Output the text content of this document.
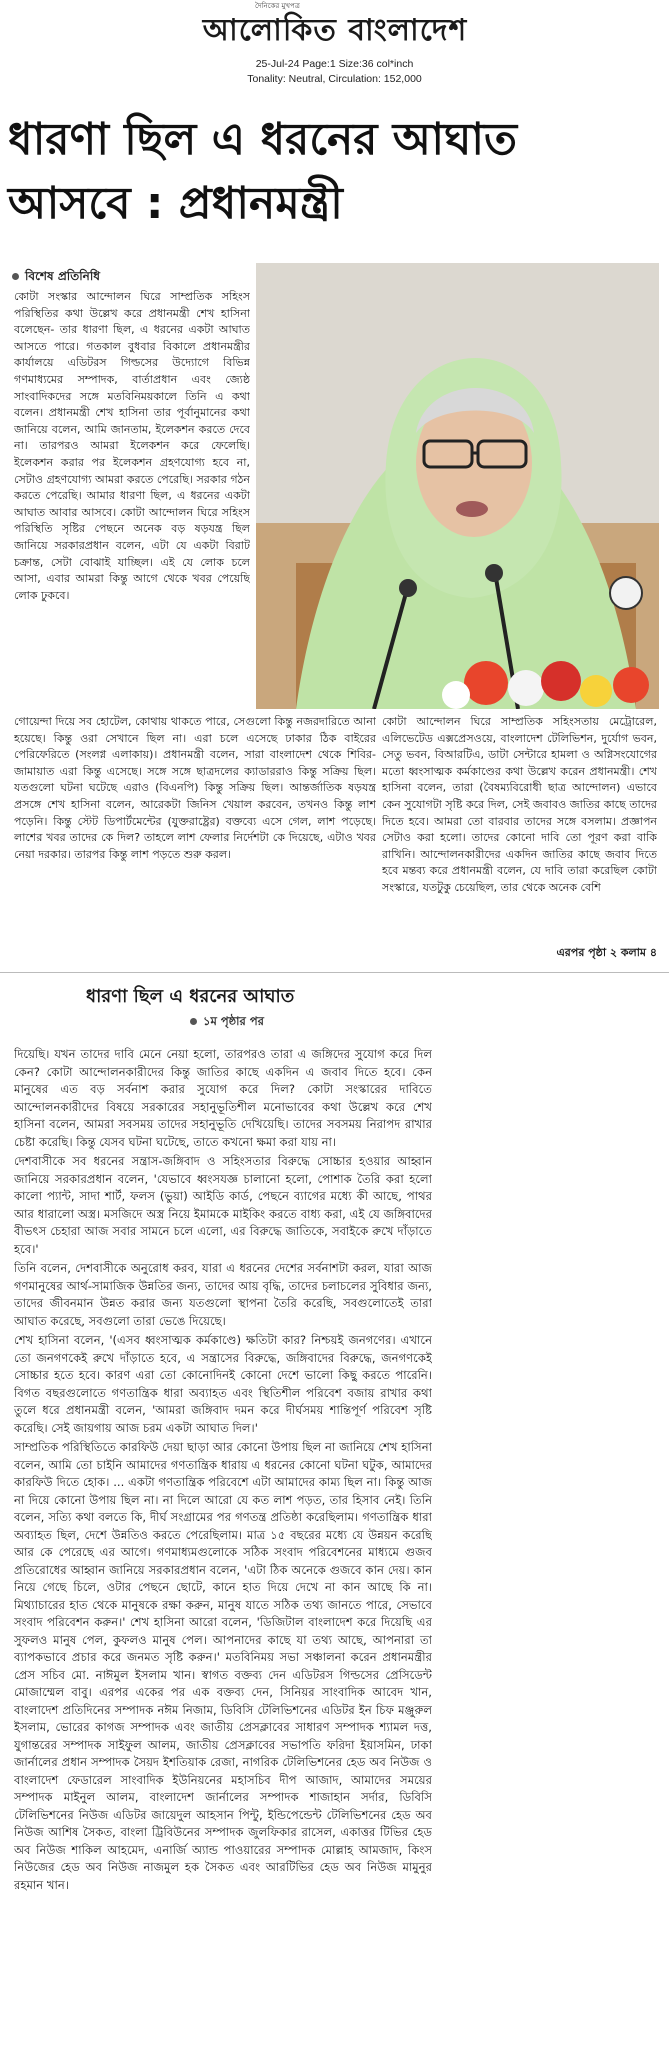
দৈনিকের মুখপত্র
আলোকিত বাংলাদেশ
25-Jul-24 Page:1 Size:36 col*inch
Tonality: Neutral, Circulation: 152,000
ধারণা ছিল এ ধরনের আঘাত
আসবে : প্রধানমন্ত্রী
বিশেষ প্রতিনিধি
কোটা সংস্কার আন্দোলন ঘিরে সাম্প্রতিক সহিংস পরিস্থিতির কথা উল্লেখ করে প্রধানমন্ত্রী শেখ হাসিনা বলেছেন- তার ধারণা ছিল, এ ধরনের একটা আঘাত আসতে পারে। গতকাল বুধবার বিকালে প্রধানমন্ত্রীর কার্যালয়ে এডিটরস গিল্ডসের উদ্যোগে বিভিন্ন গণমাধ্যমের সম্পাদক, বার্তাপ্রধান এবং জ্যেষ্ঠ সাংবাদিকদের সঙ্গে মতবিনিময়কালে তিনি এ কথা বলেন। প্রধানমন্ত্রী শেখ হাসিনা তার পূর্বানুমানের কথা জানিয়ে বলেন, আমি জানতাম, ইলেকশন করতে দেবে না। তারপরও আমরা ইলেকশন করে ফেলেছি। ইলেকশন করার পর ইলেকশন গ্রহণযোগ্য হবে না, সেটাও গ্রহণযোগ্য আমরা করতে পেরেছি। সরকার গঠন করতে পেরেছি। আমার ধারণা ছিল, এ ধরনের একটা আঘাত আবার আসবে। কোটা আন্দোলন ঘিরে সহিংস পরিস্থিতি সৃষ্টির পেছনে অনেক বড় ষড়যন্ত্র ছিল জানিয়ে সরকারপ্রধান বলেন, এটা যে একটা বিরাট চক্রান্ত, সেটা বোঝাই যাচ্ছিল। এই যে লোক চলে আসা, এবার আমরা কিন্তু আগে থেকে খবর পেয়েছি লোক ঢুকবে।
গোয়েন্দা দিয়ে সব হোটেল, কোথায় থাকতে পারে, সেগুলো কিন্তু নজরদারিতে আনা হয়েছে। কিন্তু ওরা সেখানে ছিল না। এরা চলে এসেছে ঢাকার ঠিক বাইরের পেরিফেরিতে (সংলগ্ন এলাকায়)। প্রধানমন্ত্রী বলেন, সারা বাংলাদেশ থেকে শিবির-জামায়াত এরা কিন্তু এসেছে। সঙ্গে সঙ্গে ছাত্রদলের ক্যাডাররাও কিন্তু সক্রিয় ছিল। যতগুলো ঘটনা ঘটেছে এরাও (বিএনপি) কিন্তু সক্রিয় ছিল। আন্তর্জাতিক ষড়যন্ত্র প্রসঙ্গে শেখ হাসিনা বলেন, আরেকটা জিনিস খেয়াল করবেন, তখনও কিন্তু লাশ পড়েনি। কিন্তু স্টেট ডিপার্টমেন্টের (যুক্তরাষ্ট্রের) বক্তব্যে এসে গেল, লাশ পড়েছে। লাশের খবর তাদের কে দিল? তাহলে লাশ ফেলার নির্দেশটা কে দিয়েছে, এটাও খবর নেয়া দরকার। তারপর কিন্তু লাশ পড়তে শুরু করল।
কোটা আন্দোলন ঘিরে সাম্প্রতিক সহিংসতায় মেট্রোরেল, এলিভেটেড এক্সপ্রেসওয়ে, বাংলাদেশ টেলিভিশন, দুর্যোগ ভবন, সেতু ভবন, বিআরটিএ, ডাটা সেন্টারে হামলা ও অগ্নিসংযোগের মতো ধ্বংসাত্মক কর্মকাণ্ডের কথা উল্লেখ করেন প্রধানমন্ত্রী। শেখ হাসিনা বলেন, তারা (বৈষম্যবিরোধী ছাত্র আন্দোলন) এভাবে কেন সুযোগটা সৃষ্টি করে দিল, সেই জবাবও জাতির কাছে তাদের দিতে হবে। আমরা তো বারবার তাদের সঙ্গে বসলাম। প্রজ্ঞাপন সেটাও করা হলো। তাদের কোনো দাবি তো পূরণ করা বাকি রাখিনি। আন্দোলনকারীদের একদিন জাতির কাছে জবাব দিতে হবে মন্তব্য করে প্রধানমন্ত্রী বলেন, যে দাবি তারা করেছিল কোটা সংস্কারে, যতটুকু চেয়েছিল, তার থেকে অনেক বেশি
এরপর পৃষ্ঠা ২ কলাম ৪
ধারণা ছিল এ ধরনের আঘাত
১ম পৃষ্ঠার পর

দিয়েছি। যখন তাদের দাবি মেনে নেয়া হলো, তারপরও তারা এ জঙ্গিদের সুযোগ করে দিল কেন? কোটা আন্দোলনকারীদের কিন্তু জাতির কাছে একদিন এ জবাব দিতে হবে। কেন মানুষের এত বড় সর্বনাশ করার সুযোগ করে দিল? কোটা সংস্কারের দাবিতে আন্দোলনকারীদের বিষয়ে সরকারের সহানুভূতিশীল মনোভাবের কথা উল্লেখ করে শেখ হাসিনা বলেন, আমরা সবসময় তাদের সহানুভূতি দেখিয়েছি। তাদের সবসময় নিরাপদ রাখার চেষ্টা করেছি। কিন্তু যেসব ঘটনা ঘটেছে, তাতে কখনো ক্ষমা করা যায় না।

দেশবাসীকে সব ধরনের সন্ত্রাস-জঙ্গিবাদ ও সহিংসতার বিরুদ্ধে সোচ্চার হওয়ার আহ্বান জানিয়ে সরকারপ্রধান বলেন, 'যেভাবে ধ্বংসযজ্ঞ চালানো হলো, পোশাক তৈরি করা হলো কালো প্যান্ট, সাদা শার্ট, ফলস (ভুয়া) আইডি কার্ড, পেছনে ব্যাগের মধ্যে কী আছে, পাথর আর ধারালো অস্ত্র। মসজিদে অস্ত্র নিয়ে ইমামকে মাইকিং করতে বাধ্য করা, এই যে জঙ্গিবাদের বীভৎস চেহারা আজ সবার সামনে চলে এলো, এর বিরুদ্ধে জাতিকে, সবাইকে রুখে দাঁড়াতে হবে।'

তিনি বলেন, দেশবাসীকে অনুরোধ করব, যারা এ ধরনের দেশের সর্বনাশটা করল, যারা আজ গণমানুষের আর্থ-সামাজিক উন্নতির জন্য, তাদের আয় বৃদ্ধি, তাদের চলাচলের সুবিধার জন্য, তাদের জীবনমান উন্নত করার জন্য যতগুলো স্থাপনা তৈরি করেছি, সবগুলোতেই তারা আঘাত করেছে, সবগুলো তারা ভেঙে দিয়েছে।

শেখ হাসিনা বলেন, '(এসব ধ্বংসাত্মক কর্মকাণ্ডে) ক্ষতিটা কার? নিশ্চয়ই জনগণের। এখানে তো জনগণকেই রুখে দাঁড়াতে হবে, এ সন্ত্রাসের বিরুদ্ধে, জঙ্গিবাদের বিরুদ্ধে, জনগণকেই সোচ্চার হতে হবে। কারণ এরা তো কোনোদিনই কোনো দেশে ভালো কিছু করতে পারেনি। বিগত বছরগুলোতে গণতান্ত্রিক ধারা অব্যাহত এবং স্থিতিশীল পরিবেশ বজায় রাখার কথা তুলে ধরে প্রধানমন্ত্রী বলেন, 'আমরা জঙ্গিবাদ দমন করে দীর্ঘসময় শান্তিপূর্ণ পরিবেশ সৃষ্টি করেছি। সেই জায়গায় আজ চরম একটা আঘাত দিল।'

সাম্প্রতিক পরিস্থিতিতে কারফিউ দেয়া ছাড়া আর কোনো উপায় ছিল না জানিয়ে শেখ হাসিনা বলেন, আমি তো চাইনি আমাদের গণতান্ত্রিক ধারায় এ ধরনের কোনো ঘটনা ঘটুক, আমাদের কারফিউ দিতে হোক। ... একটা গণতান্ত্রিক পরিবেশে এটা আমাদের কাম্য ছিল না। কিন্তু আজ না দিয়ে কোনো উপায় ছিল না। না দিলে আরো যে কত লাশ পড়ত, তার হিসাব নেই। তিনি বলেন, সত্যি কথা বলতে কি, দীর্ঘ সংগ্রামের পর গণতন্ত্র প্রতিষ্ঠা করেছিলাম। গণতান্ত্রিক ধারা অব্যাহত ছিল, দেশে উন্নতিও করতে পেরেছিলাম। মাত্র ১৫ বছরের মধ্যে যে উন্নয়ন করেছি আর কে পেরেছে এর আগে। গণমাধ্যমগুলোকে সঠিক সংবাদ পরিবেশনের মাধ্যমে গুজব প্রতিরোধের আহ্বান জানিয়ে সরকারপ্রধান বলেন, 'এটা ঠিক অনেকে গুজবে কান দেয়। কান নিয়ে গেছে চিলে, ওটার পেছনে ছোটে, কানে হাত দিয়ে দেখে না কান আছে কি না। মিথ্যাচারের হাত থেকে মানুষকে রক্ষা করুন, মানুষ যাতে সঠিক তথ্য জানতে পারে, সেভাবে সংবাদ পরিবেশন করুন।' শেখ হাসিনা আরো বলেন, 'ডিজিটাল বাংলাদেশ করে দিয়েছি এর সুফলও মানুষ পেল, কুফলও মানুষ পেল। আপনাদের কাছে যা তথ্য আছে, আপনারা তা ব্যাপকভাবে প্রচার করে জনমত সৃষ্টি করুন।' মতবিনিময় সভা সঞ্চালনা করেন প্রধানমন্ত্রীর প্রেস সচিব মো. নাঈমুল ইসলাম খান। স্বাগত বক্তব্য দেন এডিটরস গিল্ডসের প্রেসিডেন্ট মোজাম্মেল বাবু। এরপর একের পর এক বক্তব্য দেন, সিনিয়র সাংবাদিক আবেদ খান, বাংলাদেশ প্রতিদিনের সম্পাদক নঈম নিজাম, ডিবিসি টেলিভিশনের এডিটর ইন চিফ মঞ্জুরুল ইসলাম, ভোরের কাগজ সম্পাদক এবং জাতীয় প্রেসক্লাবের সাধারণ সম্পাদক শ্যামল দত্ত, যুগান্তরের সম্পাদক সাইফুল আলম, জাতীয় প্রেসক্লাবের সভাপতি ফরিদা ইয়াসমিন, ঢাকা জার্নালের প্রধান সম্পাদক সৈয়দ ইশতিয়াক রেজা, নাগরিক টেলিভিশনের হেড অব নিউজ ও বাংলাদেশ ফেডারেল সাংবাদিক ইউনিয়নের মহাসচিব দীপ আজাদ, আমাদের সময়ের সম্পাদক মাইনুল আলম, বাংলাদেশ জার্নালের সম্পাদক শাজাহান সর্দার, ডিবিসি টেলিভিশনের নিউজ এডিটর জায়েদুল আহসান পিন্টু, ইন্ডিপেন্ডেন্ট টেলিভিশনের হেড অব নিউজ আশিষ সৈকত, বাংলা ট্রিবিউনের সম্পাদক জুলফিকার রাসেল, একাত্তর টিভির হেড অব নিউজ শাকিল আহমেদ, এনার্জি অ্যান্ড পাওয়ারের সম্পাদক মোল্লাহ আমজাদ, কিংস নিউজের হেড অব নিউজ নাজমুল হক সৈকত এবং আরটিভির হেড অব নিউজ মামুনুর রহমান খান।
